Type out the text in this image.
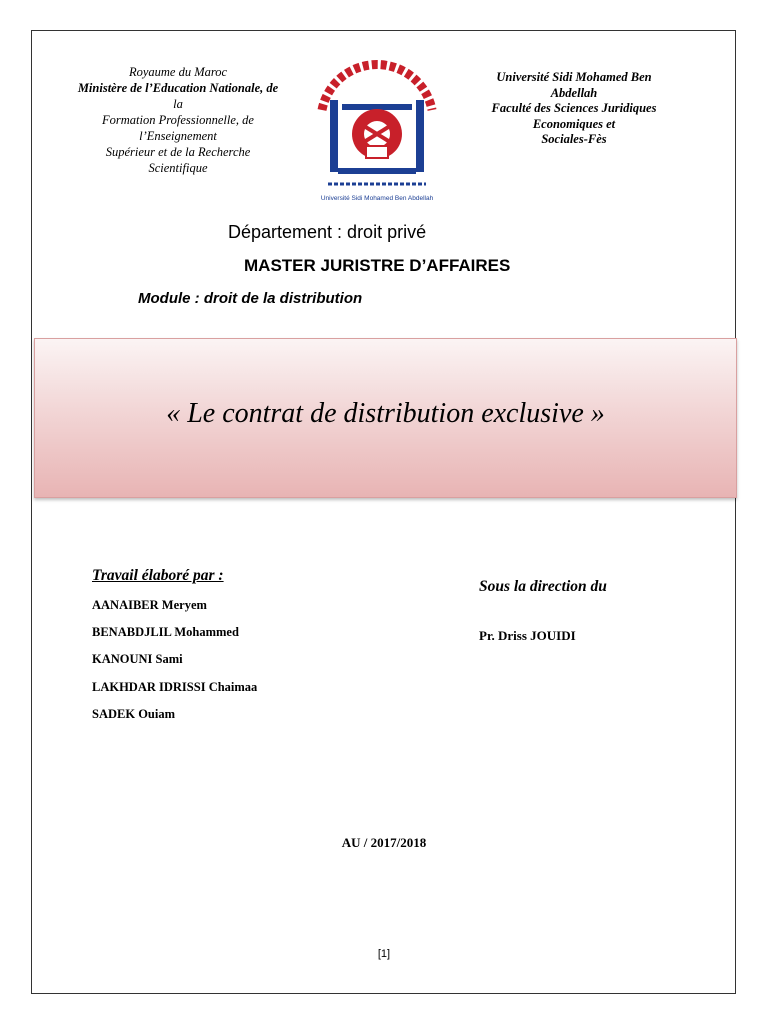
Royaume du Maroc
Ministère de l’Education Nationale, de
la
Formation Professionnelle, de
l’Enseignement
Supérieur et de la Recherche
Scientifique
Université Sidi Mohamed Ben Abdellah
Université Sidi Mohamed Ben
Abdellah
Faculté des Sciences Juridiques
Economiques et
Sociales-Fès
Département : droit privé
MASTER JURISTRE D’AFFAIRES
Module : droit de la distribution
« Le contrat de distribution exclusive »
Travail élaboré par :
AANAIBER Meryem
BENABDJLIL Mohammed
KANOUNI Sami
LAKHDAR IDRISSI Chaimaa
SADEK Ouiam
Sous la direction du
Pr. Driss JOUIDI
AU / 2017/2018
[1]
